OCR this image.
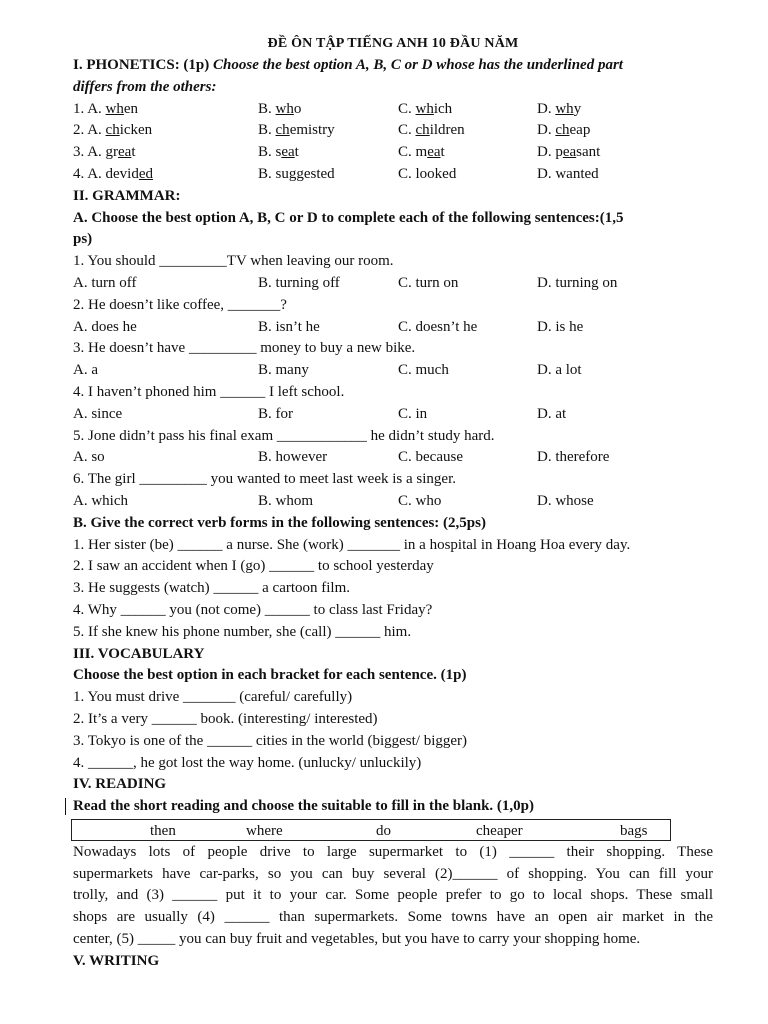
ĐỀ ÔN TẬP TIẾNG ANH 10 ĐẦU NĂM
I. PHONETICS: (1p) Choose the best option A, B, C or D whose has the underlined part
differs from the others:
1. A. when	B. who	C. which	D. why
2. A. chicken	B. chemistry	C. children	D. cheap
3. A. great	B. seat	C. meat	D. peasant
4. A. devided	B. suggested	C. looked	D. wanted
II. GRAMMAR:
A. Choose the best option A, B, C or D to complete each of the following sentences:(1,5
ps)
1. You should _________TV when leaving our room.
A. turn off	B. turning off	C. turn on	D. turning on
2. He doesn’t like coffee, _______?
A. does he	B. isn’t he	C. doesn’t he	D. is he
3. He doesn’t have _________ money to buy a new bike.
A. a	B. many	C. much	D. a lot
4. I haven’t phoned him ______ I left school.
A. since	B. for	C. in	D. at
5. Jone didn’t pass his final exam ____________ he didn’t study hard.
A. so	B. however	C. because	D. therefore
6. The girl _________ you wanted to meet last week is a singer.
A. which	B. whom	C. who	D. whose
B. Give the correct verb forms in the following sentences: (2,5ps)
1. Her sister (be) ______ a nurse. She (work) _______ in a hospital in Hoang Hoa every day.
2. I saw an accident when I (go) ______ to school yesterday
3. He suggests (watch) ______ a cartoon film.
4. Why ______ you (not come) ______ to class last Friday?
5. If she knew his phone number, she (call) ______ him.
III. VOCABULARY
Choose the best option in each bracket for each sentence. (1p)
1. You must drive _______ (careful/ carefully)
2. It’s a very ______ book. (interesting/ interested)
3. Tokyo is one of the ______ cities in the world (biggest/ bigger)
4. ______, he got lost the way home. (unlucky/ unluckily)
IV. READING
Read the short reading and choose the suitable to fill in the blank. (1,0p)
then	where	do	cheaper	bags
Nowadays lots of people drive to large supermarket to (1) ______ their shopping. These
supermarkets have car-parks, so you can buy several (2)______ of shopping. You can fill your
trolly, and (3) ______ put it to your car. Some people prefer to go to local shops. These small
shops are usually (4) ______ than supermarkets. Some towns have an open air market in the
center, (5) _____ you can buy fruit and vegetables, but you have to carry your shopping home.
V. WRITING
